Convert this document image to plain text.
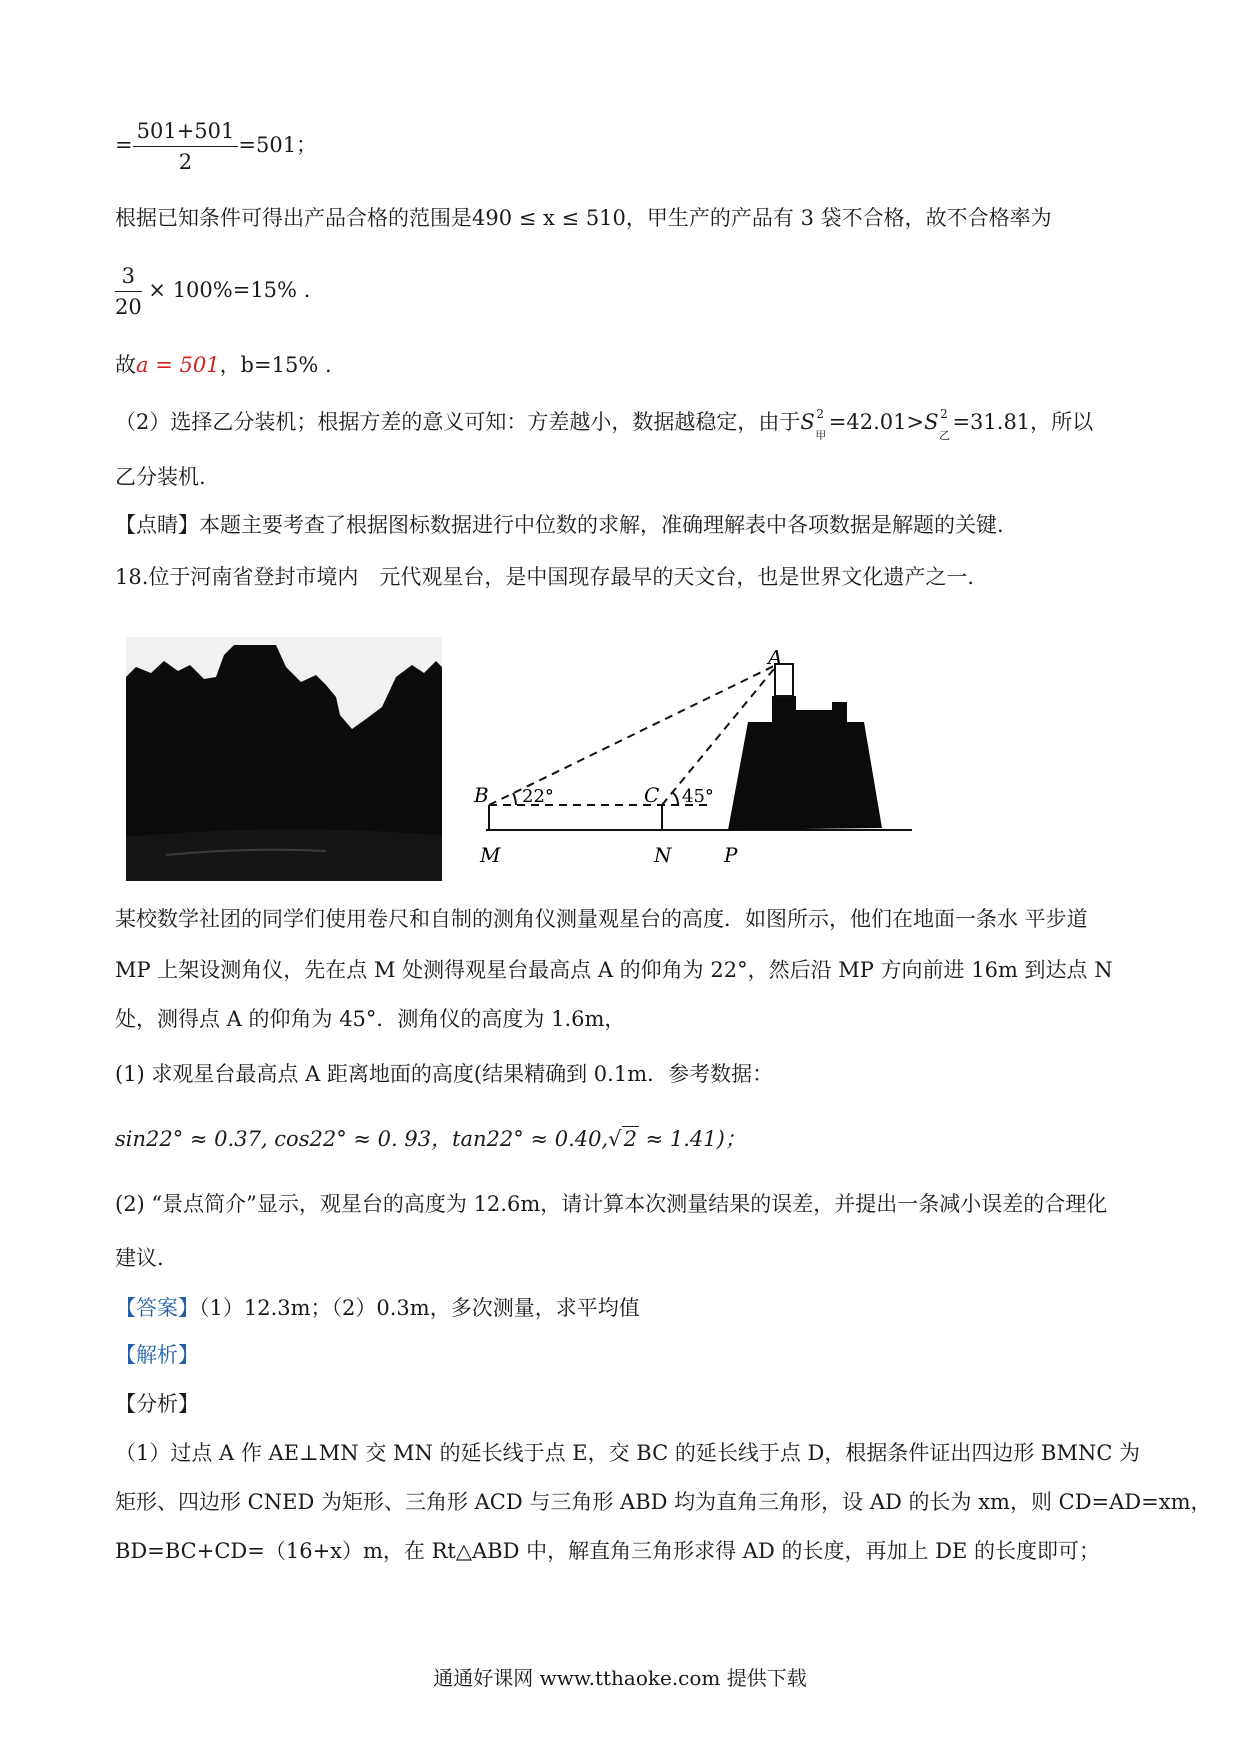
= $\frac{501+501}{2} =501$；
根据已知条件可得出产品合格的范围是490 ≤ x ≤ 510，甲生产的产品有 3 袋不合格，故不合格率为
$\frac{3}{20} \times 100\%=15\%$ .
故a = 501，b=15% .
（2）选择乙分装机；根据方差的意义可知：方差越小，数据越稳定，由于S 2
甲
=42.01>S 2
乙
=31.81，所以
乙分装机.
【点睛】本题主要考查了根据图标数据进行中位数的求解，准确理解表中各项数据是解题的关键.
18.位于河南省登封市境内　元代观星台，是中国现存最早的天文台，也是世界文化遗产之一.
A
B 22°	C 45°
M	N	P
某校数学社团的同学们使用卷尺和自制的测角仪测量观星台的高度．如图所示，他们在地面一条水 平步道
MP 上架设测角仪，先在点 M 处测得观星台最高点 A 的仰角为 22°，然后沿 MP 方向前进 16m 到达点 N
处，测得点 A 的仰角为 45°．测角仪的高度为 1.6m，
(1) 求观星台最高点 A 距离地面的高度(结果精确到 0.1m．参考数据：
sin22° ≈ 0.37, cos22° ≈ 0. 93，tan22° ≈ 0.40,√2 ≈ 1.41)；
(2) “景点简介”显示，观星台的高度为 12.6m，请计算本次测量结果的误差，并提出一条减小误差的合理化
建议.
【答案】（1）12.3m；（2）0.3m，多次测量，求平均值
【解析】
【分析】
（1）过点 A 作 AE⊥MN 交 MN 的延长线于点 E，交 BC 的延长线于点 D，根据条件证出四边形 BMNC 为
矩形、四边形 CNED 为矩形、三角形 ACD 与三角形 ABD 均为直角三角形，设 AD 的长为 xm，则 CD=AD=xm，
BD=BC+CD=（16+x）m，在 Rt△ABD 中，解直角三角形求得 AD 的长度，再加上 DE 的长度即可；
通通好课网 www.tthaoke.com 提供下载
